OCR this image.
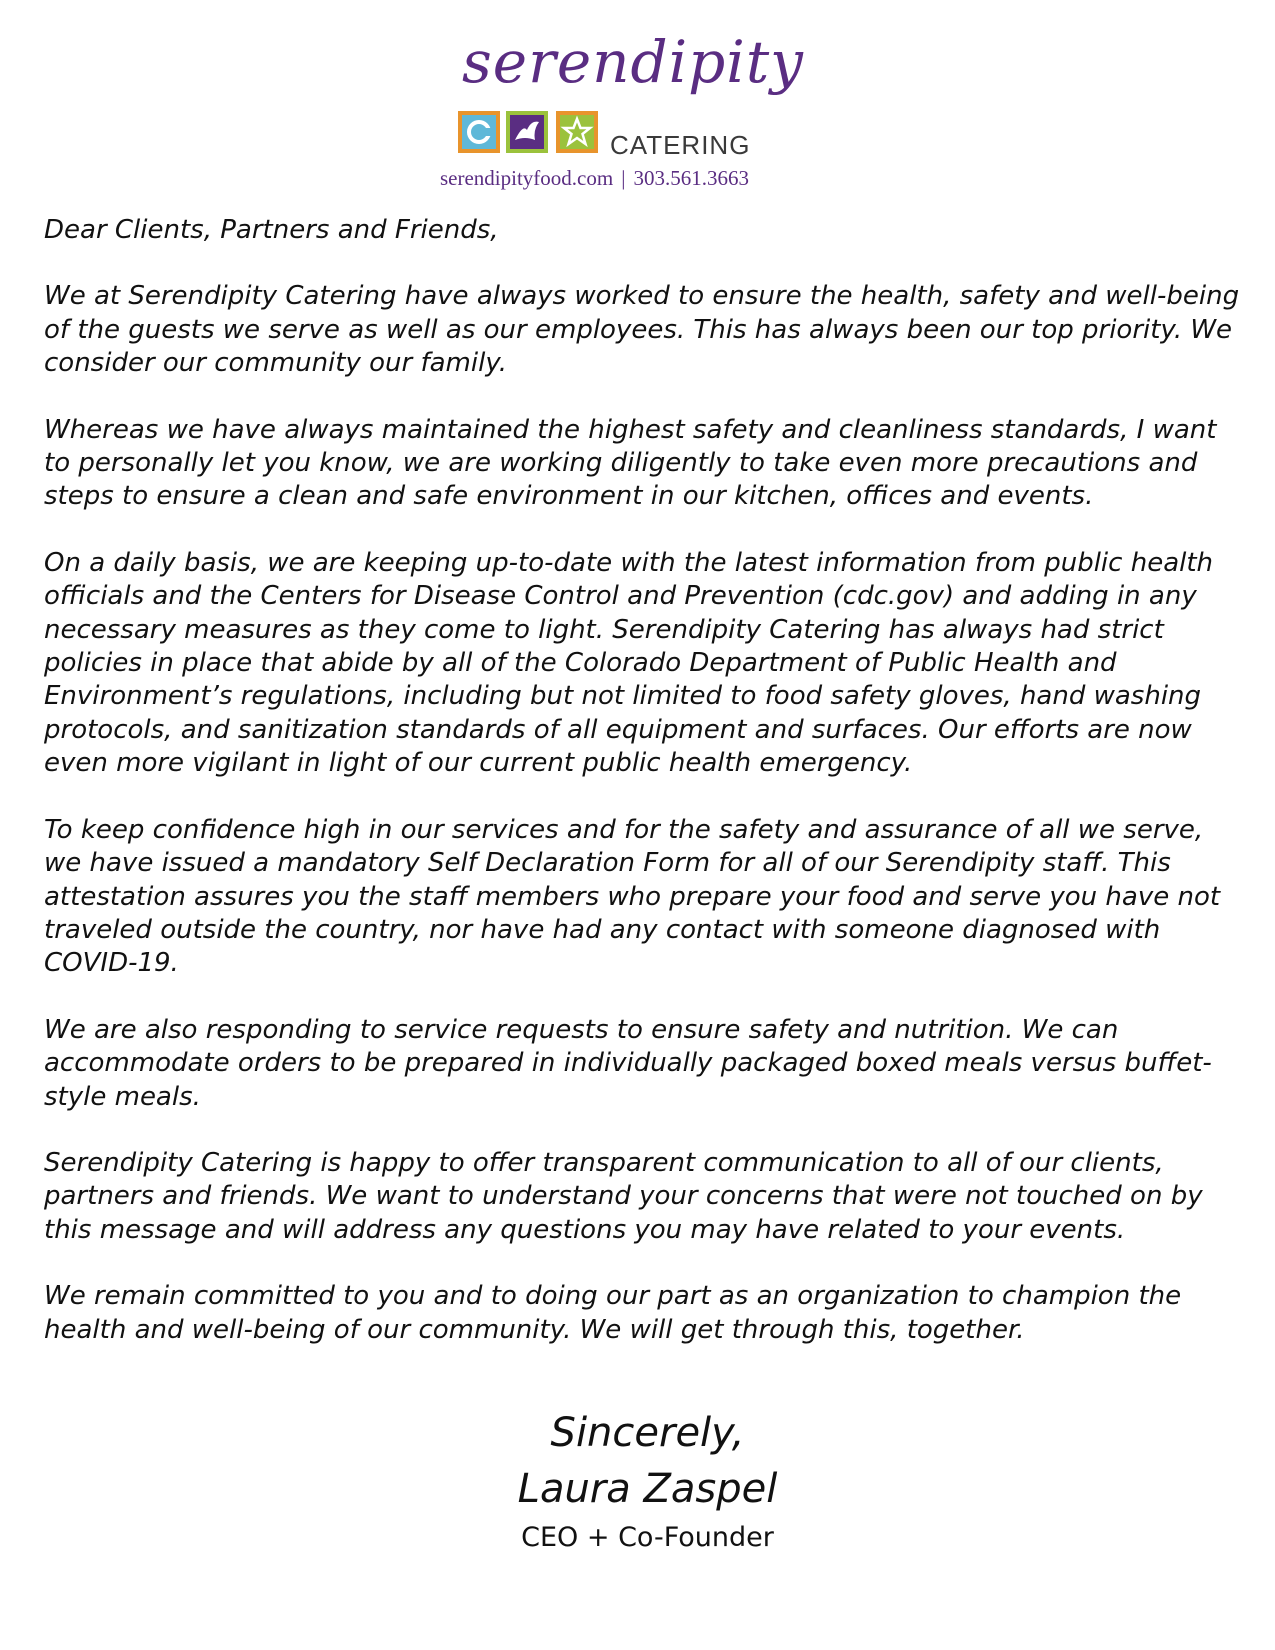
serendipity
CATERING
serendipityfood.com | 303.561.3663

Dear Clients, Partners and Friends,

We at Serendipity Catering have always worked to ensure the health, safety and well-being of the guests we serve as well as our employees. This has always been our top priority. We consider our community our family.

Whereas we have always maintained the highest safety and cleanliness standards, I want to personally let you know, we are working diligently to take even more precautions and steps to ensure a clean and safe environment in our kitchen, offices and events.

On a daily basis, we are keeping up-to-date with the latest information from public health officials and the Centers for Disease Control and Prevention (cdc.gov) and adding in any necessary measures as they come to light. Serendipity Catering has always had strict policies in place that abide by all of the Colorado Department of Public Health and Environment’s regulations, including but not limited to food safety gloves, hand washing protocols, and sanitization standards of all equipment and surfaces. Our efforts are now even more vigilant in light of our current public health emergency.

To keep confidence high in our services and for the safety and assurance of all we serve, we have issued a mandatory Self Declaration Form for all of our Serendipity staff. This attestation assures you the staff members who prepare your food and serve you have not traveled outside the country, nor have had any contact with someone diagnosed with COVID-19.

We are also responding to service requests to ensure safety and nutrition. We can accommodate orders to be prepared in individually packaged boxed meals versus buffet-style meals.

Serendipity Catering is happy to offer transparent communication to all of our clients, partners and friends. We want to understand your concerns that were not touched on by this message and will address any questions you may have related to your events.

We remain committed to you and to doing our part as an organization to champion the health and well-being of our community. We will get through this, together.

Sincerely,
Laura Zaspel
CEO + Co-Founder
